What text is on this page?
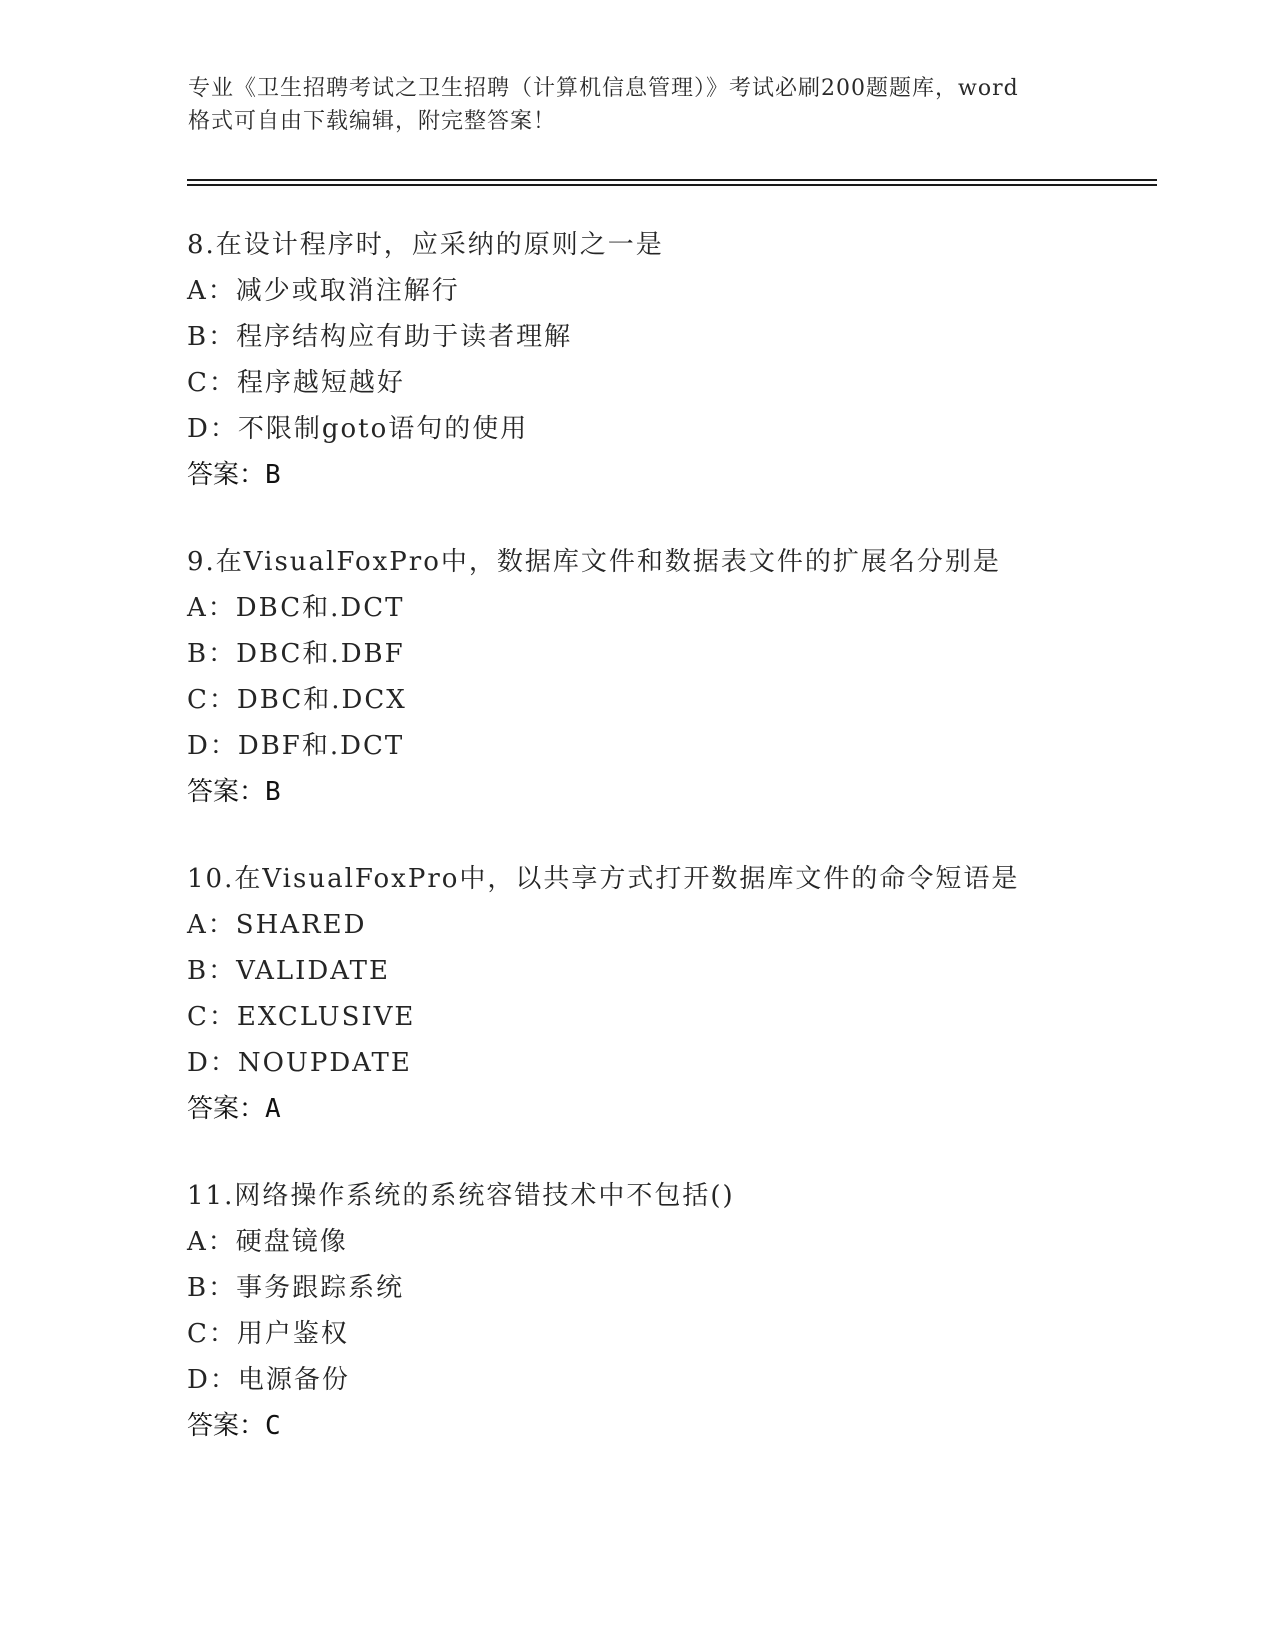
专业《卫生招聘考试之卫生招聘（计算机信息管理）》考试必刷200题题库，word
格式可自由下载编辑，附完整答案！
8.在设计程序时，应采纳的原则之一是
A：减少或取消注解行
B：程序结构应有助于读者理解
C：程序越短越好
D：不限制goto语句的使用
答案：B
9.在VisualFoxPro中，数据库文件和数据表文件的扩展名分别是
A：DBC和.DCT
B：DBC和.DBF
C：DBC和.DCX
D：DBF和.DCT
答案：B
10.在VisualFoxPro中，以共享方式打开数据库文件的命令短语是
A：SHARED
B：VALIDATE
C：EXCLUSIVE
D：NOUPDATE
答案：A
11.网络操作系统的系统容错技术中不包括()
A：硬盘镜像
B：事务跟踪系统
C：用户鉴权
D：电源备份
答案：C
